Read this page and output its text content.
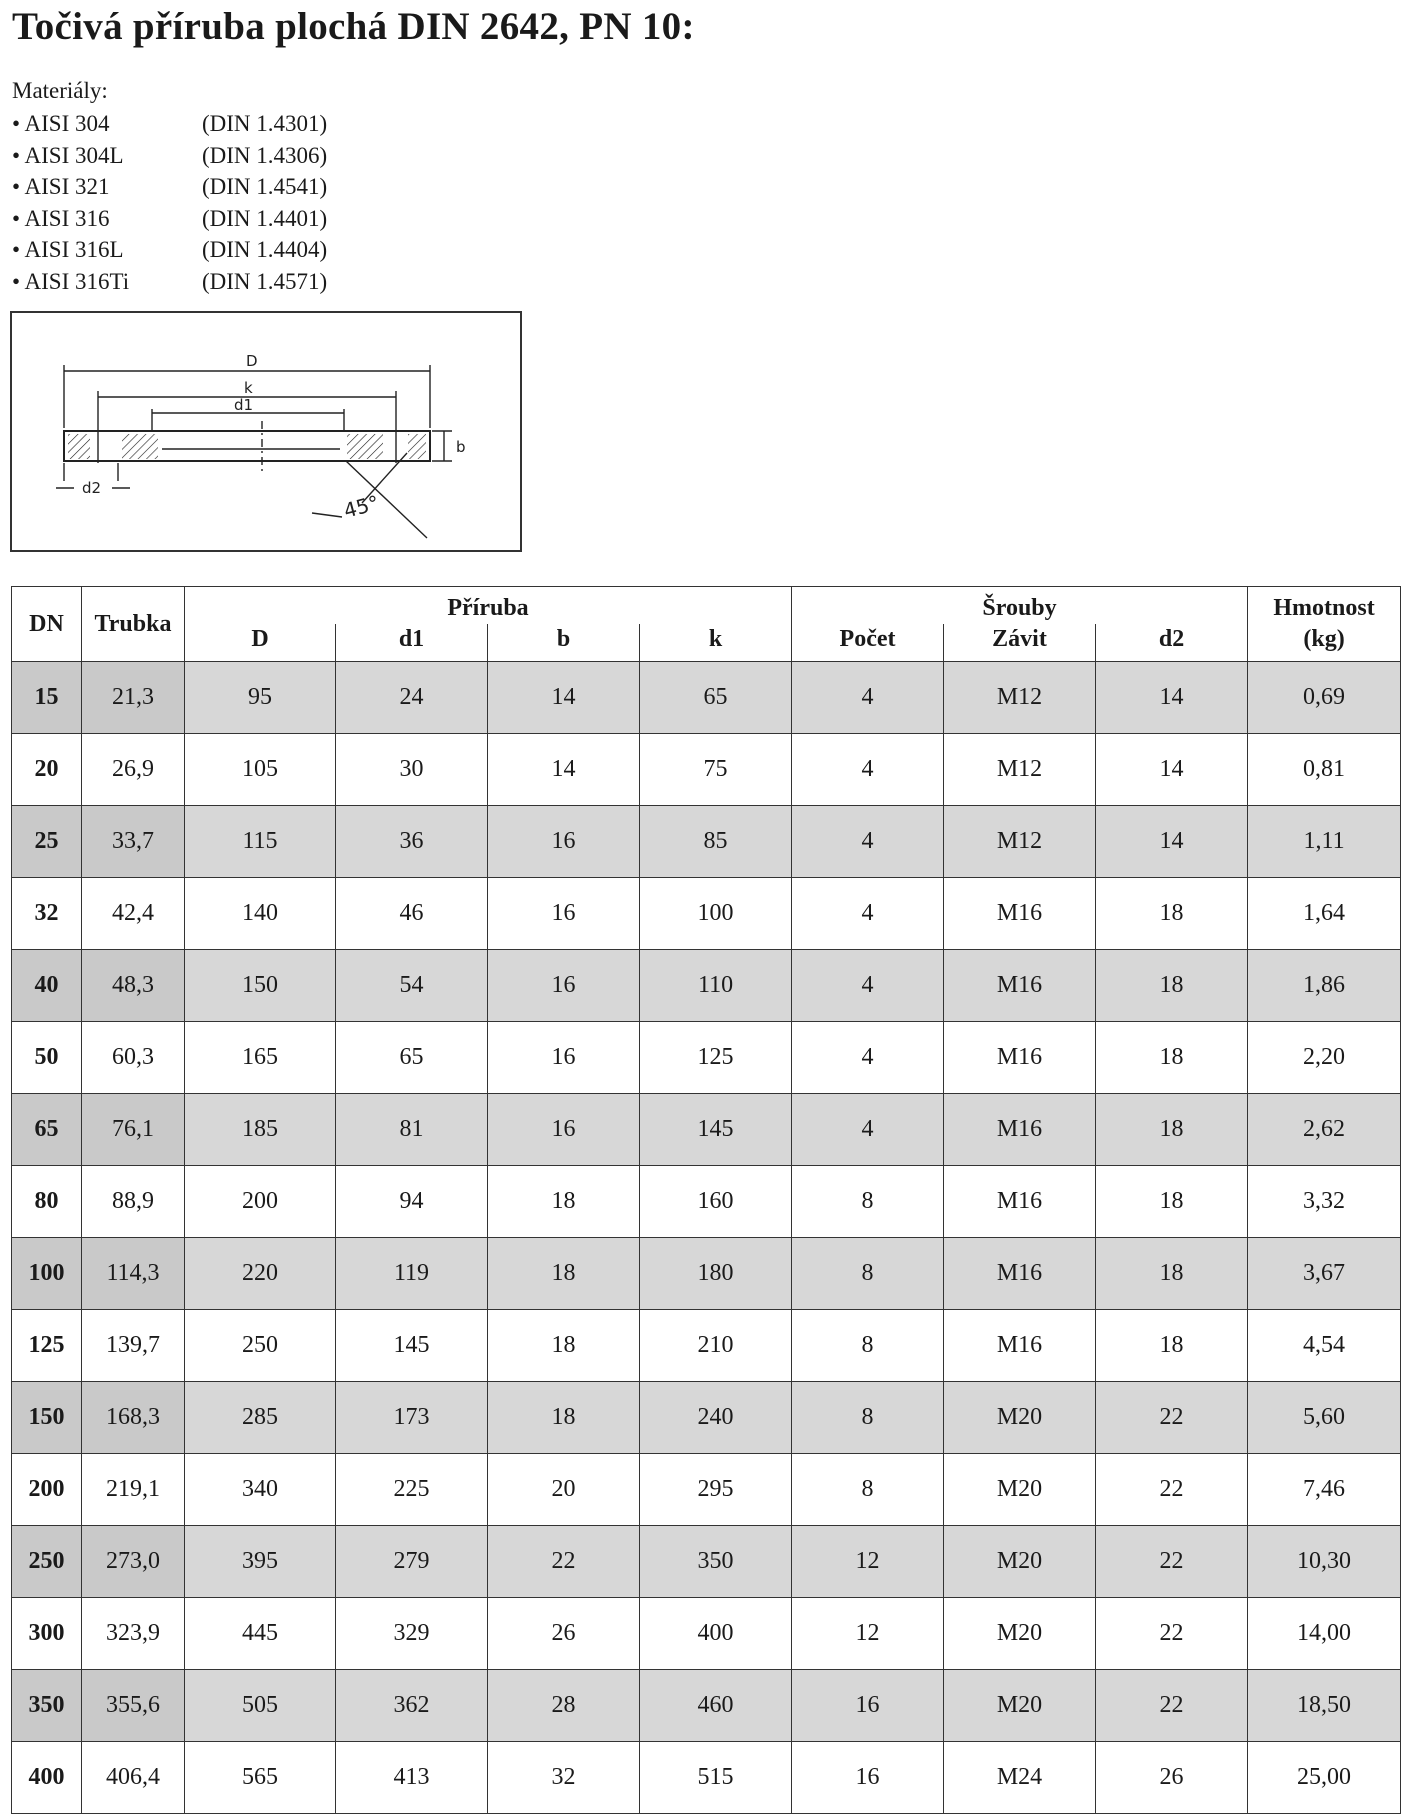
Točivá příruba plochá DIN 2642, PN 10:
Materiály:
• AISI 304	(DIN 1.4301)
• AISI 304L	(DIN 1.4306)
• AISI 321	(DIN 1.4541)
• AISI 316	(DIN 1.4401)
• AISI 316L	(DIN 1.4404)
• AISI 316Ti	(DIN 1.4571)
D
k
d1
b
d2
45°
DN	Trubka	Příruba				Šrouby			Hmotnost
		D	d1	b	k	Počet	Závit	d2	(kg)
15	21,3	95	24	14	65	4	M12	14	0,69
20	26,9	105	30	14	75	4	M12	14	0,81
25	33,7	115	36	16	85	4	M12	14	1,11
32	42,4	140	46	16	100	4	M16	18	1,64
40	48,3	150	54	16	110	4	M16	18	1,86
50	60,3	165	65	16	125	4	M16	18	2,20
65	76,1	185	81	16	145	4	M16	18	2,62
80	88,9	200	94	18	160	8	M16	18	3,32
100	114,3	220	119	18	180	8	M16	18	3,67
125	139,7	250	145	18	210	8	M16	18	4,54
150	168,3	285	173	18	240	8	M20	22	5,60
200	219,1	340	225	20	295	8	M20	22	7,46
250	273,0	395	279	22	350	12	M20	22	10,30
300	323,9	445	329	26	400	12	M20	22	14,00
350	355,6	505	362	28	460	16	M20	22	18,50
400	406,4	565	413	32	515	16	M24	26	25,00
